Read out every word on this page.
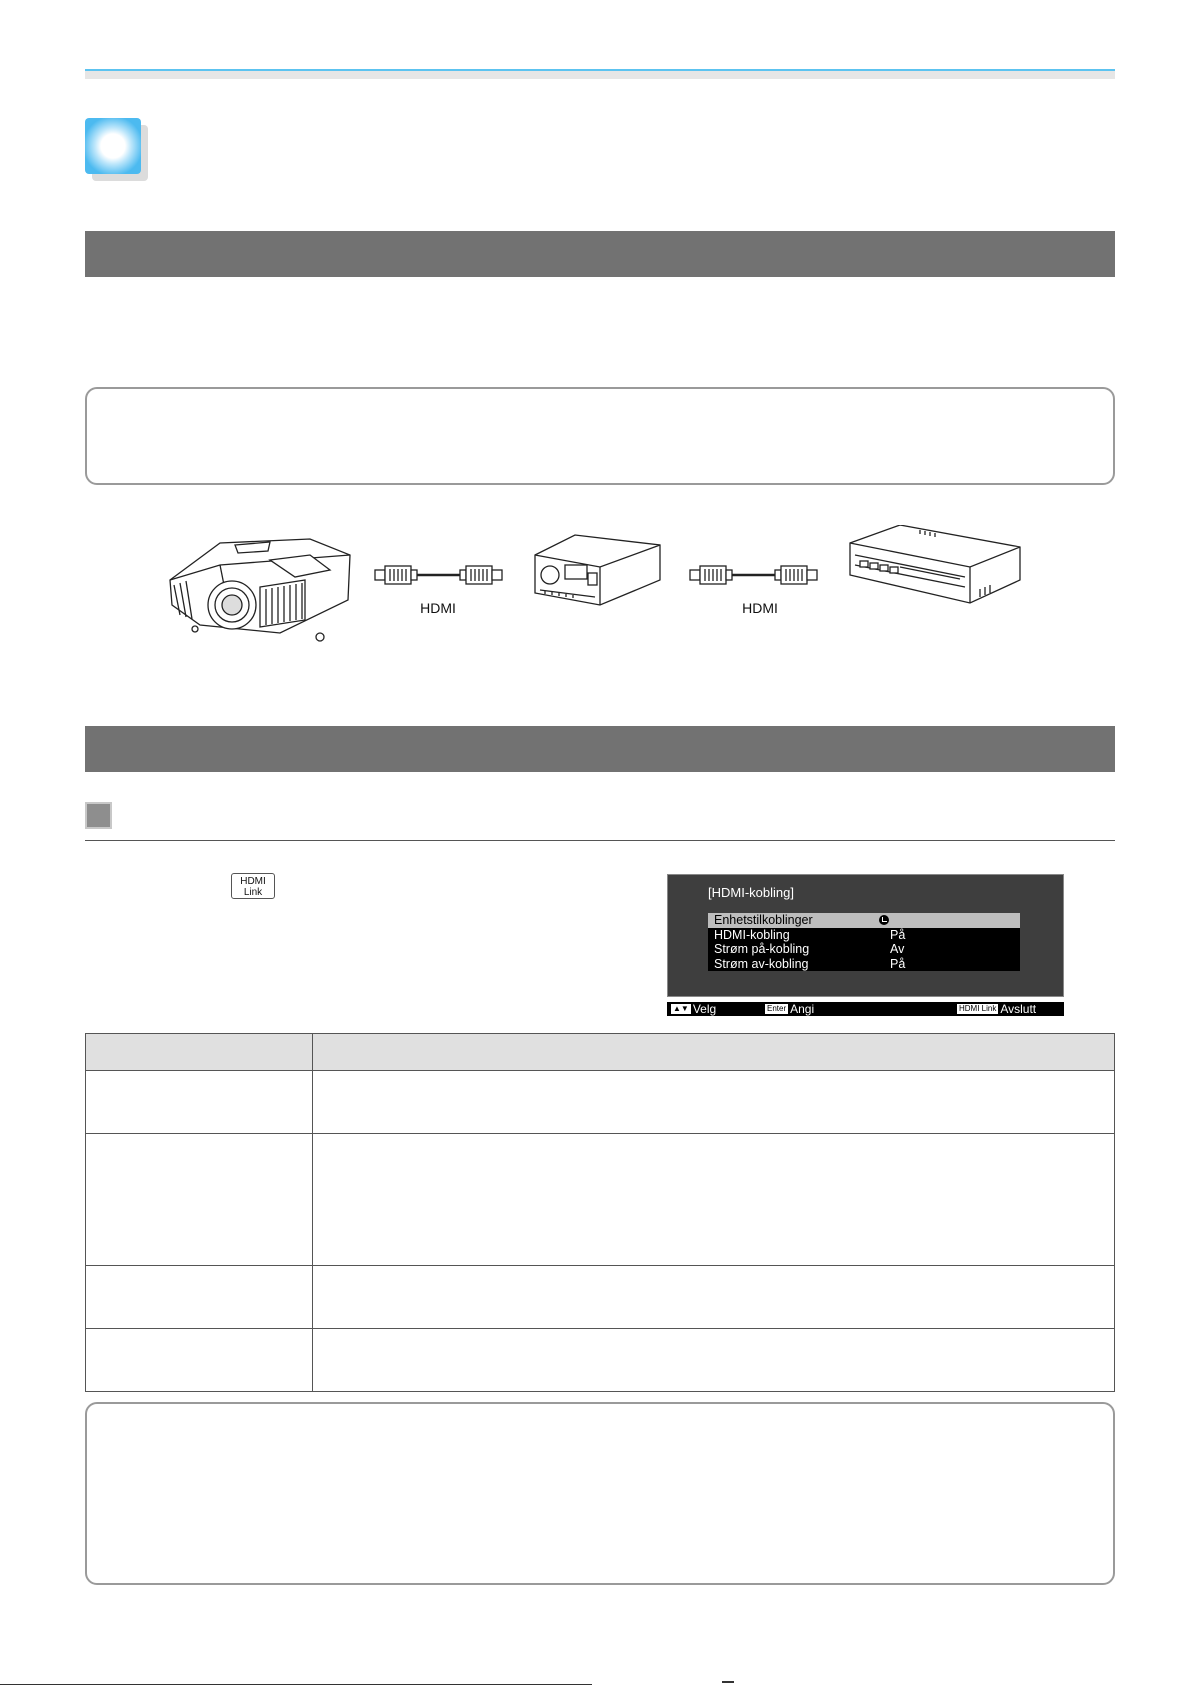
HDMI	HDMI
HDMI
Link	[HDMI-kobling]
Enhetstilkoblinger
HDMI-kobling	På
Strøm på-kobling	Av
Strøm av-kobling	På
▲▼ Velg	Enter Angi	HDMI Link Avslutt
